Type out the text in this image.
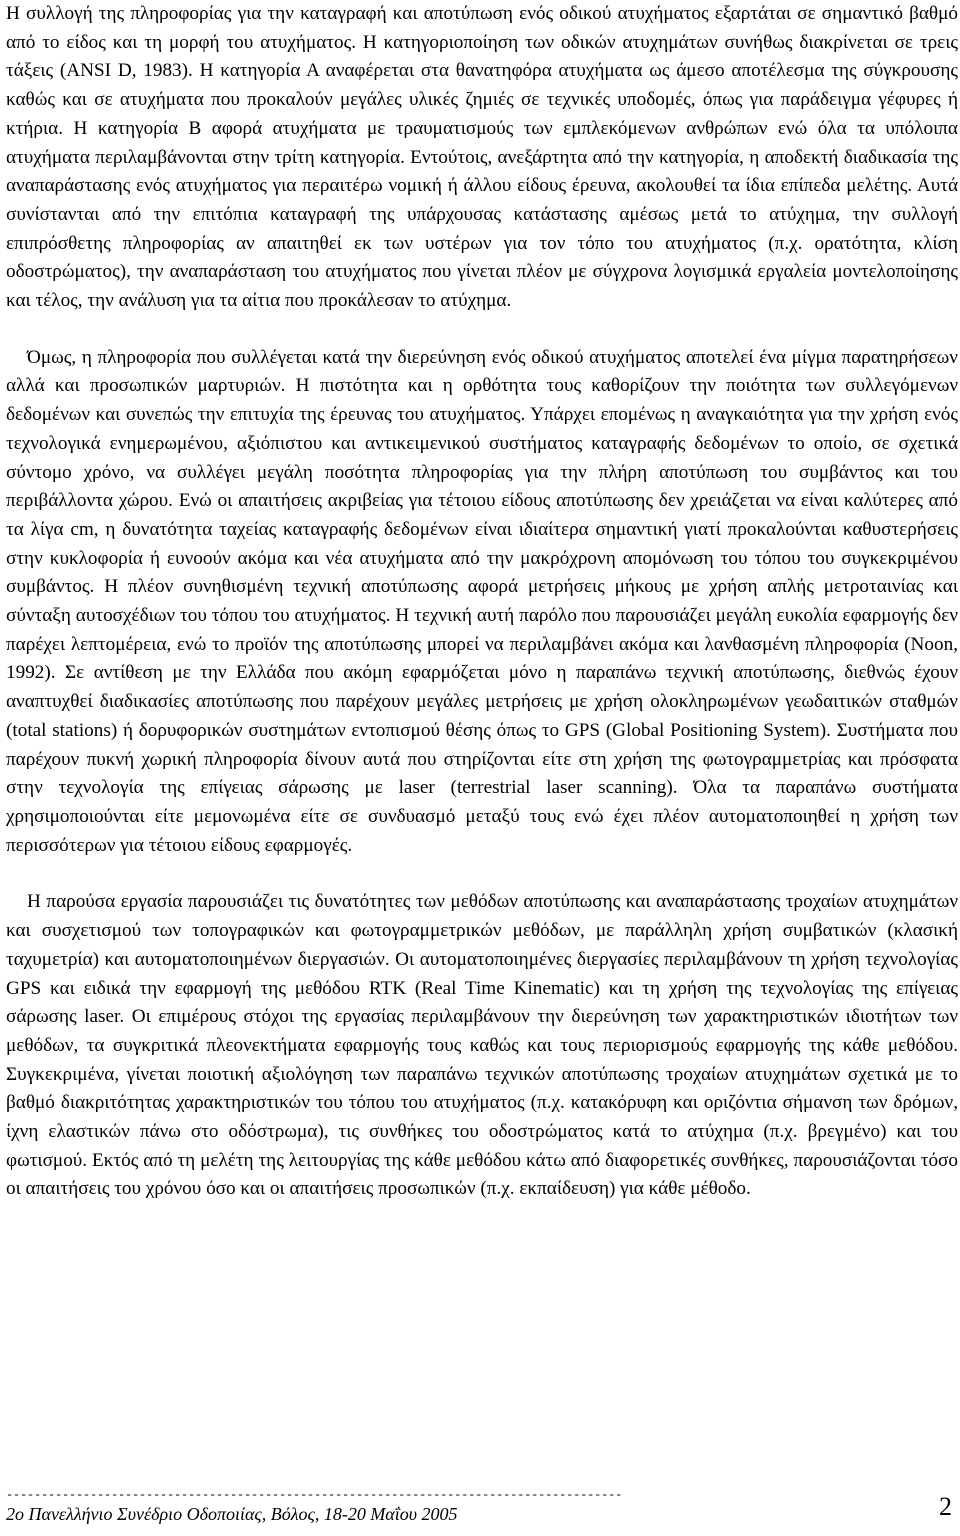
Η συλλογή της πληροφορίας για την καταγραφή και αποτύπωση ενός οδικού ατυχήματος εξαρτάται σε σημαντικό βαθμό από το είδος και τη μορφή του ατυχήματος. Η κατηγοριοποίηση των οδικών ατυχημάτων συνήθως διακρίνεται σε τρεις τάξεις (ANSI D, 1983). Η κατηγορία Α αναφέρεται στα θανατηφόρα ατυχήματα ως άμεσο αποτέλεσμα της σύγκρουσης καθώς και σε ατυχήματα που προκαλούν μεγάλες υλικές ζημιές σε τεχνικές υποδομές, όπως για παράδειγμα γέφυρες ή κτήρια. Η κατηγορία Β αφορά ατυχήματα με τραυματισμούς των εμπλεκόμενων ανθρώπων ενώ όλα τα υπόλοιπα ατυχήματα περιλαμβάνονται στην τρίτη κατηγορία. Εντούτοις, ανεξάρτητα από την κατηγορία, η αποδεκτή διαδικασία της αναπαράστασης ενός ατυχήματος για περαιτέρω νομική ή άλλου είδους έρευνα, ακολουθεί τα ίδια επίπεδα μελέτης. Αυτά συνίστανται από την επιτόπια καταγραφή της υπάρχουσας κατάστασης αμέσως μετά το ατύχημα, την συλλογή επιπρόσθετης πληροφορίας αν απαιτηθεί εκ των υστέρων για τον τόπο του ατυχήματος (π.χ. ορατότητα, κλίση οδοστρώματος), την αναπαράσταση του ατυχήματος που γίνεται πλέον με σύγχρονα λογισμικά εργαλεία μοντελοποίησης και τέλος, την ανάλυση για τα αίτια που προκάλεσαν το ατύχημα.

Όμως, η πληροφορία που συλλέγεται κατά την διερεύνηση ενός οδικού ατυχήματος αποτελεί ένα μίγμα παρατηρήσεων αλλά και προσωπικών μαρτυριών. Η πιστότητα και η ορθότητα τους καθορίζουν την ποιότητα των συλλεγόμενων δεδομένων και συνεπώς την επιτυχία της έρευνας του ατυχήματος. Υπάρχει επομένως η αναγκαιότητα για την χρήση ενός τεχνολογικά ενημερωμένου, αξιόπιστου και αντικειμενικού συστήματος καταγραφής δεδομένων το οποίο, σε σχετικά σύντομο χρόνο, να συλλέγει μεγάλη ποσότητα πληροφορίας για την πλήρη αποτύπωση του συμβάντος και του περιβάλλοντα χώρου. Ενώ οι απαιτήσεις ακριβείας για τέτοιου είδους αποτύπωσης δεν χρειάζεται να είναι καλύτερες από τα λίγα cm, η δυνατότητα ταχείας καταγραφής δεδομένων είναι ιδιαίτερα σημαντική γιατί προκαλούνται καθυστερήσεις στην κυκλοφορία ή ευνοούν ακόμα και νέα ατυχήματα από την μακρόχρονη απομόνωση του τόπου του συγκεκριμένου συμβάντος. Η πλέον συνηθισμένη τεχνική αποτύπωσης αφορά μετρήσεις μήκους με χρήση απλής μετροταινίας και σύνταξη αυτοσχέδιων του τόπου του ατυχήματος. Η τεχνική αυτή παρόλο που παρουσιάζει μεγάλη ευκολία εφαρμογής δεν παρέχει λεπτομέρεια, ενώ το προϊόν της αποτύπωσης μπορεί να περιλαμβάνει ακόμα και λανθασμένη πληροφορία (Noon, 1992). Σε αντίθεση με την Ελλάδα που ακόμη εφαρμόζεται μόνο η παραπάνω τεχνική αποτύπωσης, διεθνώς έχουν αναπτυχθεί διαδικασίες αποτύπωσης που παρέχουν μεγάλες μετρήσεις με χρήση ολοκληρωμένων γεωδαιτικών σταθμών (total stations) ή δορυφορικών συστημάτων εντοπισμού θέσης όπως το GPS (Global Positioning System). Συστήματα που παρέχουν πυκνή χωρική πληροφορία δίνουν αυτά που στηρίζονται είτε στη χρήση της φωτογραμμετρίας και πρόσφατα στην τεχνολογία της επίγειας σάρωσης με laser (terrestrial laser scanning). Όλα τα παραπάνω συστήματα χρησιμοποιούνται είτε μεμονωμένα είτε σε συνδυασμό μεταξύ τους ενώ έχει πλέον αυτοματοποιηθεί η χρήση των περισσότερων για τέτοιου είδους εφαρμογές.

Η παρούσα εργασία παρουσιάζει τις δυνατότητες των μεθόδων αποτύπωσης και αναπαράστασης τροχαίων ατυχημάτων και συσχετισμού των τοπογραφικών και φωτογραμμετρικών μεθόδων, με παράλληλη χρήση συμβατικών (κλασική ταχυμετρία) και αυτοματοποιημένων διεργασιών. Οι αυτοματοποιημένες διεργασίες περιλαμβάνουν τη χρήση τεχνολογίας GPS και ειδικά την εφαρμογή της μεθόδου RTK (Real Time Kinematic) και τη χρήση της τεχνολογίας της επίγειας σάρωσης laser. Οι επιμέρους στόχοι της εργασίας περιλαμβάνουν την διερεύνηση των χαρακτηριστικών ιδιοτήτων των μεθόδων, τα συγκριτικά πλεονεκτήματα εφαρμογής τους καθώς και τους περιορισμούς εφαρμογής της κάθε μεθόδου. Συγκεκριμένα, γίνεται ποιοτική αξιολόγηση των παραπάνω τεχνικών αποτύπωσης τροχαίων ατυχημάτων σχετικά με το βαθμό διακριτότητας χαρακτηριστικών του τόπου του ατυχήματος (π.χ. κατακόρυφη και οριζόντια σήμανση των δρόμων, ίχνη ελαστικών πάνω στο οδόστρωμα), τις συνθήκες του οδοστρώματος κατά το ατύχημα (π.χ. βρεγμένο) και του φωτισμού. Εκτός από τη μελέτη της λειτουργίας της κάθε μεθόδου κάτω από διαφορετικές συνθήκες, παρουσιάζονται τόσο οι απαιτήσεις του χρόνου όσο και οι απαιτήσεις προσωπικών (π.χ. εκπαίδευση) για κάθε μέθοδο.

----------------------------------------------------------------------------------------
2ο Πανελλήνιο Συνέδριο Οδοποιίας, Βόλος, 18-20 Μαΐου 2005	2
